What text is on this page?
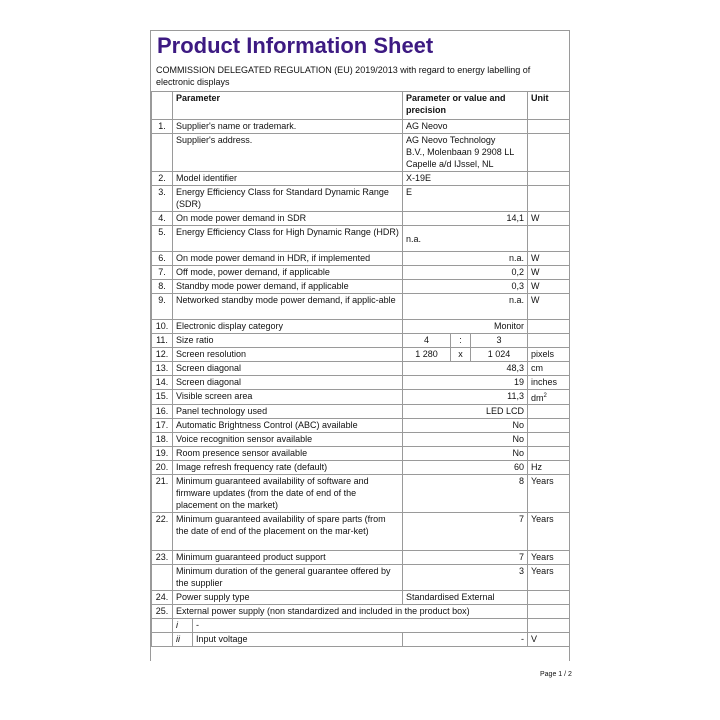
Product Information Sheet
COMMISSION DELEGATED REGULATION (EU) 2019/2013 with regard to energy labelling of electronic displays
	Parameter		Parameter or value and precision			Unit
1.	Supplier's name or trademark.		AG Neovo			
	Supplier's address.		AG Neovo Technology
B.V., Molenbaan 9 2908 LL
Capelle a/d IJssel, NL			

2.	Model identifier		X-19E			
3.	Energy Efficiency Class for Standard Dynamic Range (SDR)		E			
4.	On mode power demand in SDR		14,1			W
5.	Energy Efficiency Class for High Dynamic Range (HDR)		n.a.			
6.	On mode power demand in HDR, if implemented		n.a.			W
7.	Off mode, power demand, if applicable		0,2			W
8.	Standby mode power demand, if applicable		0,3			W
9.	Networked standby mode power demand, if applic-able		n.a.			W
10.	Electronic display category		Monitor			
11.	Size ratio		4	:	3	
12.	Screen resolution		1 280	x	1 024	pixels
13.	Screen diagonal		48,3			cm
14.	Screen diagonal		19			inches
15.	Visible screen area		11,3			$dm^2$
16.	Panel technology used		LED LCD			
17.	Automatic Brightness Control (ABC) available		No			
18.	Voice recognition sensor available		No			
19.	Room presence sensor available		No			
20.	Image refresh frequency rate (default)		60			Hz
21.	Minimum guaranteed availability of software and firmware updates (from the date of end of the placement on the market)		8			Years
22.	Minimum guaranteed availability of spare parts (from the date of end of the placement on the mar-ket)		7			Years
23.	Minimum guaranteed product support		7			Years
	Minimum duration of the general guarantee offered by the supplier		3			Years
24.	Power supply type		Standardised External			
25.	External power supply (non standardized and included in the product box)					
	i	-				
	ii	Input voltage	-			V
Page 1 / 2
